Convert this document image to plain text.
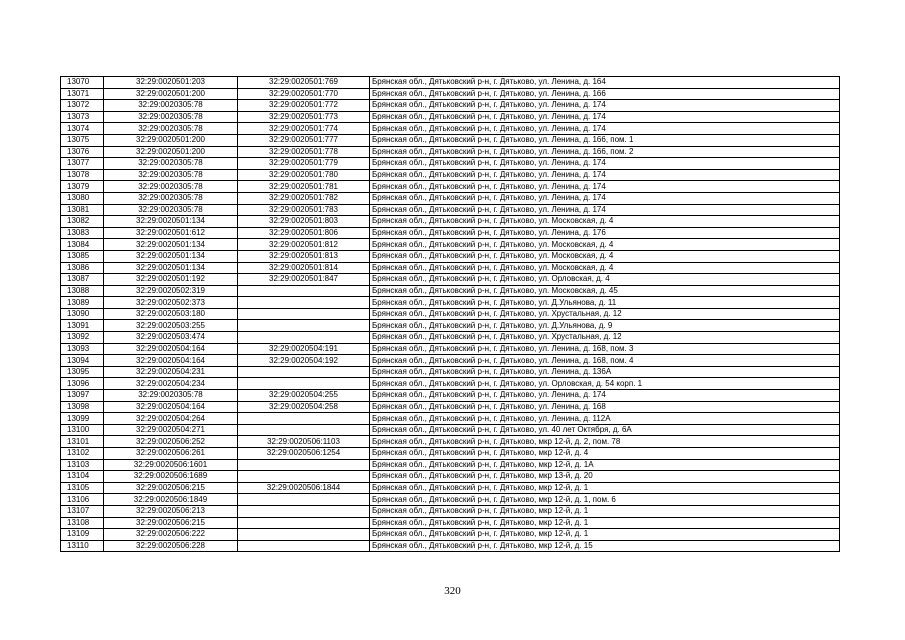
13070	32:29:0020501:203	32:29:0020501:769	Брянская обл., Дятьковский р-н, г. Дятьково, ул. Ленина, д. 164
13071	32:29:0020501:200	32:29:0020501:770	Брянская обл., Дятьковский р-н, г. Дятьково, ул. Ленина, д. 166
13072	32:29:0020305:78	32:29:0020501:772	Брянская обл., Дятьковский р-н, г. Дятьково, ул. Ленина, д. 174
13073	32:29:0020305:78	32:29:0020501:773	Брянская обл., Дятьковский р-н, г. Дятьково, ул. Ленина, д. 174
13074	32:29:0020305:78	32:29:0020501:774	Брянская обл., Дятьковский р-н, г. Дятьково, ул. Ленина, д. 174
13075	32:29:0020501:200	32:29:0020501:777	Брянская обл., Дятьковский р-н, г. Дятьково, ул. Ленина, д. 166, пом. 1
13076	32:29:0020501:200	32:29:0020501:778	Брянская обл., Дятьковский р-н, г. Дятьково, ул. Ленина, д. 166, пом. 2
13077	32:29:0020305:78	32:29:0020501:779	Брянская обл., Дятьковский р-н, г. Дятьково, ул. Ленина, д. 174
13078	32:29:0020305:78	32:29:0020501:780	Брянская обл., Дятьковский р-н, г. Дятьково, ул. Ленина, д. 174
13079	32:29:0020305:78	32:29:0020501:781	Брянская обл., Дятьковский р-н, г. Дятьково, ул. Ленина, д. 174
13080	32:29:0020305:78	32:29:0020501:782	Брянская обл., Дятьковский р-н, г. Дятьково, ул. Ленина, д. 174
13081	32:29:0020305:78	32:29:0020501:783	Брянская обл., Дятьковский р-н, г. Дятьково, ул. Ленина, д. 174
13082	32:29:0020501:134	32:29:0020501:803	Брянская обл., Дятьковский р-н, г. Дятьково, ул. Московская, д. 4
13083	32:29:0020501:612	32:29:0020501:806	Брянская обл., Дятьковский р-н, г. Дятьково, ул. Ленина, д. 176
13084	32:29:0020501:134	32:29:0020501:812	Брянская обл., Дятьковский р-н, г. Дятьково, ул. Московская, д. 4
13085	32:29:0020501:134	32:29:0020501:813	Брянская обл., Дятьковский р-н, г. Дятьково, ул. Московская, д. 4
13086	32:29:0020501:134	32:29:0020501:814	Брянская обл., Дятьковский р-н, г. Дятьково, ул. Московская, д. 4
13087	32:29:0020501:192	32:29:0020501:847	Брянская обл., Дятьковский р-н, г. Дятьково, ул. Орловская, д. 4
13088	32:29:0020502:319		Брянская обл., Дятьковский р-н, г. Дятьково, ул. Московская, д. 45
13089	32:29:0020502:373		Брянская обл., Дятьковский р-н, г. Дятьково, ул. Д.Ульянова, д. 11
13090	32:29:0020503:180		Брянская обл., Дятьковский р-н, г. Дятьково, ул. Хрустальная, д. 12
13091	32:29:0020503:255		Брянская обл., Дятьковский р-н, г. Дятьково, ул. Д.Ульянова, д. 9
13092	32:29:0020503:474		Брянская обл., Дятьковский р-н, г. Дятьково, ул. Хрустальная, д. 12
13093	32:29:0020504:164	32:29:0020504:191	Брянская обл., Дятьковский р-н, г. Дятьково, ул. Ленина, д. 168, пом. 3
13094	32:29:0020504:164	32:29:0020504:192	Брянская обл., Дятьковский р-н, г. Дятьково, ул. Ленина, д. 168, пом. 4
13095	32:29:0020504:231		Брянская обл., Дятьковский р-н, г. Дятьково, ул. Ленина, д. 136А
13096	32:29:0020504:234		Брянская обл., Дятьковский р-н, г. Дятьково, ул. Орловская, д. 54 корп. 1
13097	32:29:0020305:78	32:29:0020504:255	Брянская обл., Дятьковский р-н, г. Дятьково, ул. Ленина, д. 174
13098	32:29:0020504:164	32:29:0020504:258	Брянская обл., Дятьковский р-н, г. Дятьково, ул. Ленина, д. 168
13099	32:29:0020504:264		Брянская обл., Дятьковский р-н, г. Дятьково, ул. Ленина, д. 112А
13100	32:29:0020504:271		Брянская обл., Дятьковский р-н, г. Дятьково, ул. 40 лет Октября, д. 6А
13101	32:29:0020506:252	32:29:0020506:1103	Брянская обл., Дятьковский р-н, г. Дятьково, мкр 12-й, д. 2, пом. 78
13102	32:29:0020506:261	32:29:0020506:1254	Брянская обл., Дятьковский р-н, г. Дятьково, мкр 12-й, д. 4
13103	32:29:0020506:1601		Брянская обл., Дятьковский р-н, г. Дятьково, мкр 12-й, д. 1А
13104	32:29:0020506:1689		Брянская обл., Дятьковский р-н, г. Дятьково, мкр 13-й, д. 20
13105	32:29:0020506:215	32:29:0020506:1844	Брянская обл., Дятьковский р-н, г. Дятьково, мкр 12-й, д. 1
13106	32:29:0020506:1849		Брянская обл., Дятьковский р-н, г. Дятьково, мкр 12-й, д. 1, пом. 6
13107	32:29:0020506:213		Брянская обл., Дятьковский р-н, г. Дятьково, мкр 12-й, д. 1
13108	32:29:0020506:215		Брянская обл., Дятьковский р-н, г. Дятьково, мкр 12-й, д. 1
13109	32:29:0020506:222		Брянская обл., Дятьковский р-н, г. Дятьково, мкр 12-й, д. 1
13110	32:29:0020506:228		Брянская обл., Дятьковский р-н, г. Дятьково, мкр 12-й, д. 15
320
